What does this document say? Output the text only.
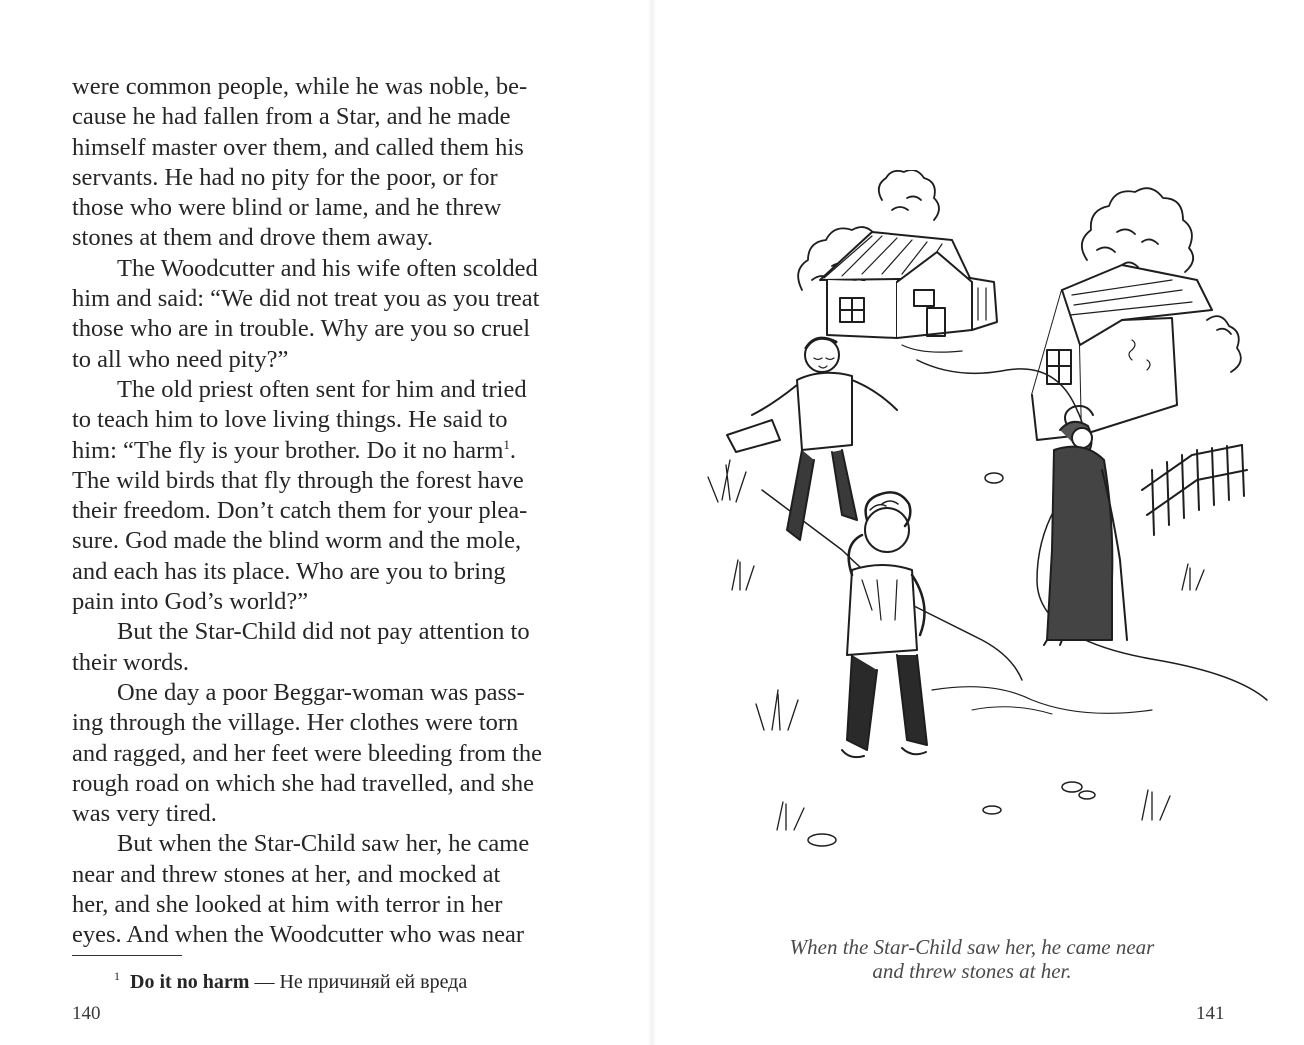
were common people, while he was noble, be-

cause he had fallen from a Star, and he made

himself master over them, and called them his

servants. He had no pity for the poor, or for

those who were blind or lame, and he threw

stones at them and drove them away.

The Woodcutter and his wife often scolded

him and said: “We did not treat you as you treat

those who are in trouble. Why are you so cruel

to all who need pity?”

The old priest often sent for him and tried

to teach him to love living things. He said to

him: “The fly is your brother. Do it no harm$^1$.

The wild birds that fly through the forest have

their freedom. Don’t catch them for your plea-

sure. God made the blind worm and the mole,

and each has its place. Who are you to bring

pain into God’s world?”

But the Star-Child did not pay attention to

their words.

One day a poor Beggar-woman was pass-

ing through the village. Her clothes were torn

and ragged, and her feet were bleeding from the

rough road on which she had travelled, and she

was very tired.

But when the Star-Child saw her, he came

near and threw stones at her, and mocked at

her, and she looked at him with terror in her

eyes. And when the Woodcutter who was near

$^1$ Do it no harm — Не причиняй ей вреда
140
When the Star-Child saw her, he came near
and threw stones at her.
141
